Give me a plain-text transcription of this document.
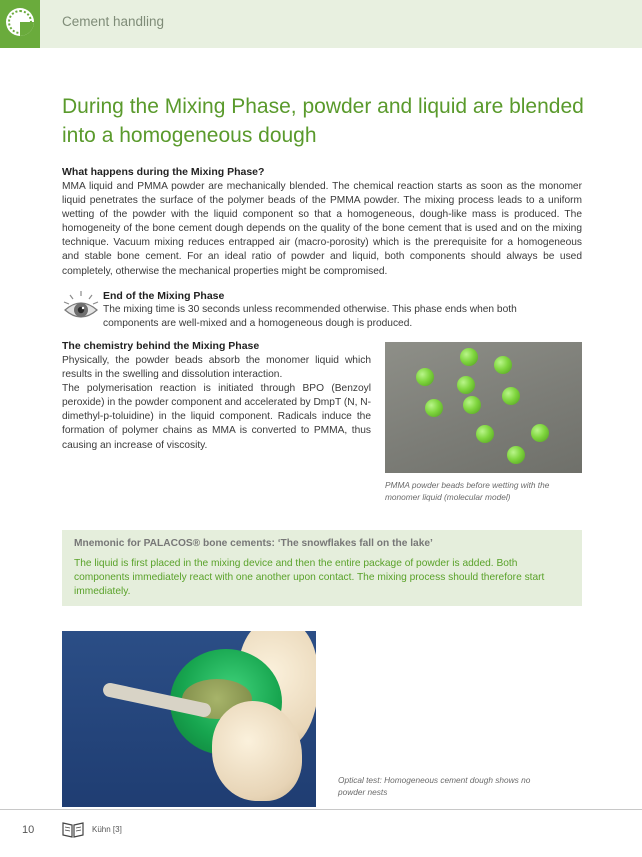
Cement handling
During the Mixing Phase, powder and liquid are blended into a homogeneous dough
What happens during the Mixing Phase?
MMA liquid and PMMA powder are mechanically blended. The chemical reaction starts as soon as the monomer liquid penetrates the surface of the polymer beads of the PMMA powder. The mixing process leads to a uniform wetting of the powder with the liquid component so that a homogeneous, dough-like mass is produced. The homogeneity of the bone cement dough depends on the quality of the bone cement that is used and on the mixing technique. Vacuum mixing reduces entrapped air (macro-porosity) which is the prerequisite for a homogeneous and stable bone cement. For an ideal ratio of powder and liquid, both components should always be used completely, otherwise the mechanical properties might be compromised.
End of the Mixing Phase
The mixing time is 30 seconds unless recommended otherwise. This phase ends when both components are well-mixed and a homogeneous dough is produced.
The chemistry behind the Mixing Phase
Physically, the powder beads absorb the monomer liquid which results in the swelling and dissolution interaction.
The polymerisation reaction is initiated through BPO (Benzoyl peroxide) in the powder component and accelerated by DmpT (N, N-dimethyl-p-toluidine) in the liquid component. Radicals induce the formation of polymer chains as MMA is converted to PMMA, thus causing an increase of viscosity.
PMMA powder beads before wetting with the monomer liquid (molecular model)
Mnemonic for PALACOS® bone cements: ‘The snowflakes fall on the lake’
The liquid is first placed in the mixing device and then the entire package of powder is added. Both components immediately react with one another upon contact. The mixing process should therefore start immediately.
Optical test: Homogeneous cement dough shows no powder nests
10	Kühn [3]
